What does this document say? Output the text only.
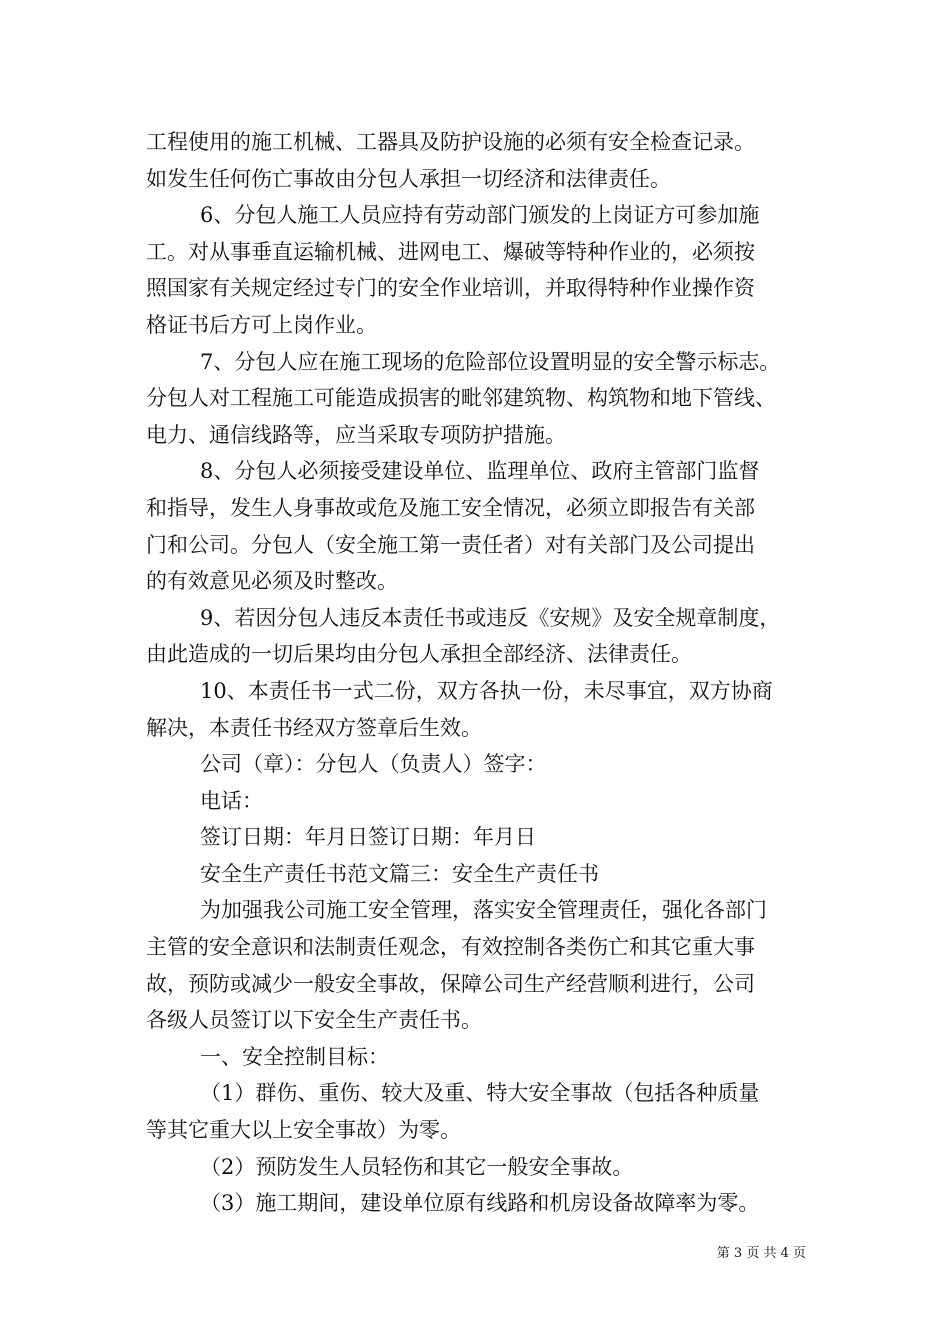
工程使用的施工机械、工器具及防护设施的必须有安全检查记录。
如发生任何伤亡事故由分包人承担一切经济和法律责任。
6、分包人施工人员应持有劳动部门颁发的上岗证方可参加施
工。对从事垂直运输机械、进网电工、爆破等特种作业的，必须按
照国家有关规定经过专门的安全作业培训，并取得特种作业操作资
格证书后方可上岗作业。
7、分包人应在施工现场的危险部位设置明显的安全警示标志。
分包人对工程施工可能造成损害的毗邻建筑物、构筑物和地下管线、
电力、通信线路等，应当采取专项防护措施。
8、分包人必须接受建设单位、监理单位、政府主管部门监督
和指导，发生人身事故或危及施工安全情况，必须立即报告有关部
门和公司。分包人（安全施工第一责任者）对有关部门及公司提出
的有效意见必须及时整改。
9、若因分包人违反本责任书或违反《安规》及安全规章制度，
由此造成的一切后果均由分包人承担全部经济、法律责任。
10、本责任书一式二份，双方各执一份，未尽事宜，双方协商
解决，本责任书经双方签章后生效。
公司（章）：分包人（负责人）签字：
电话：
签订日期：年月日签订日期：年月日
安全生产责任书范文篇三：安全生产责任书
为加强我公司施工安全管理，落实安全管理责任，强化各部门
主管的安全意识和法制责任观念，有效控制各类伤亡和其它重大事
故，预防或减少一般安全事故，保障公司生产经营顺利进行，公司
各级人员签订以下安全生产责任书。
一、安全控制目标：
（1）群伤、重伤、较大及重、特大安全事故（包括各种质量
等其它重大以上安全事故）为零。
（2）预防发生人员轻伤和其它一般安全事故。
（3）施工期间，建设单位原有线路和机房设备故障率为零。
第 3 页 共 4 页
